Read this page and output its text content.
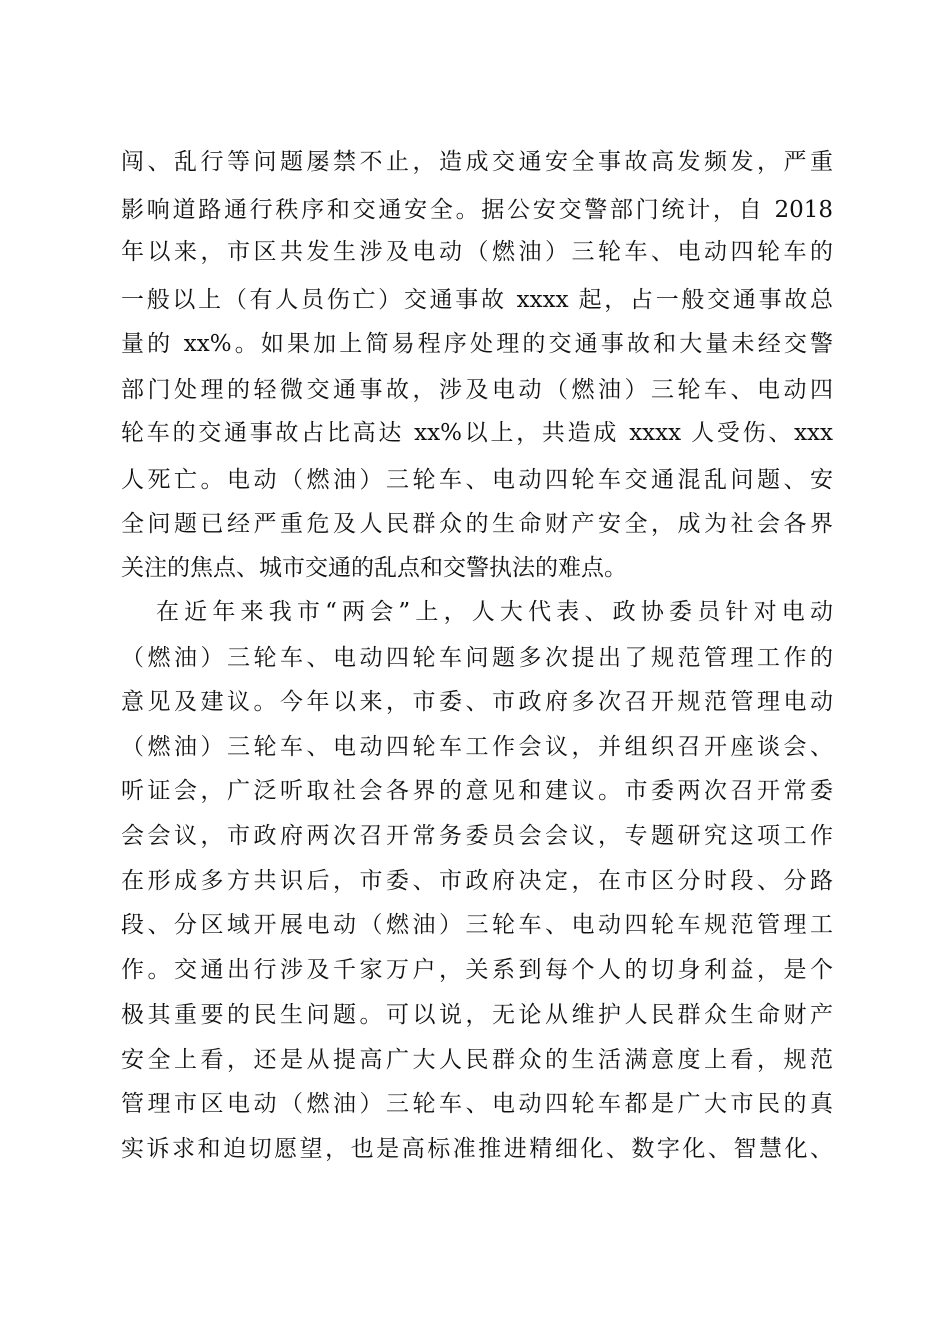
闯、乱行等问题屡禁不止，造成交通安全事故高发频发，严重
影响道路通行秩序和交通安全。据公安交警部门统计，自 2018
年以来，市区共发生涉及电动（燃油）三轮车、电动四轮车的
一般以上（有人员伤亡）交通事故 xxxx 起，占一般交通事故总
量的 xx%。如果加上简易程序处理的交通事故和大量未经交警
部门处理的轻微交通事故，涉及电动（燃油）三轮车、电动四
轮车的交通事故占比高达 xx%以上，共造成 xxxx 人受伤、xxx
人死亡。电动（燃油）三轮车、电动四轮车交通混乱问题、安
全问题已经严重危及人民群众的生命财产安全，成为社会各界
关注的焦点、城市交通的乱点和交警执法的难点。
在近年来我市“两会”上，人大代表、政协委员针对电动
（燃油）三轮车、电动四轮车问题多次提出了规范管理工作的
意见及建议。今年以来，市委、市政府多次召开规范管理电动
（燃油）三轮车、电动四轮车工作会议，并组织召开座谈会、
听证会，广泛听取社会各界的意见和建议。市委两次召开常委
会会议，市政府两次召开常务委员会会议，专题研究这项工作
在形成多方共识后，市委、市政府决定，在市区分时段、分路
段、分区域开展电动（燃油）三轮车、电动四轮车规范管理工
作。交通出行涉及千家万户，关系到每个人的切身利益，是个
极其重要的民生问题。可以说，无论从维护人民群众生命财产
安全上看，还是从提高广大人民群众的生活满意度上看，规范
管理市区电动（燃油）三轮车、电动四轮车都是广大市民的真
实诉求和迫切愿望，也是高标准推进精细化、数字化、智慧化、
